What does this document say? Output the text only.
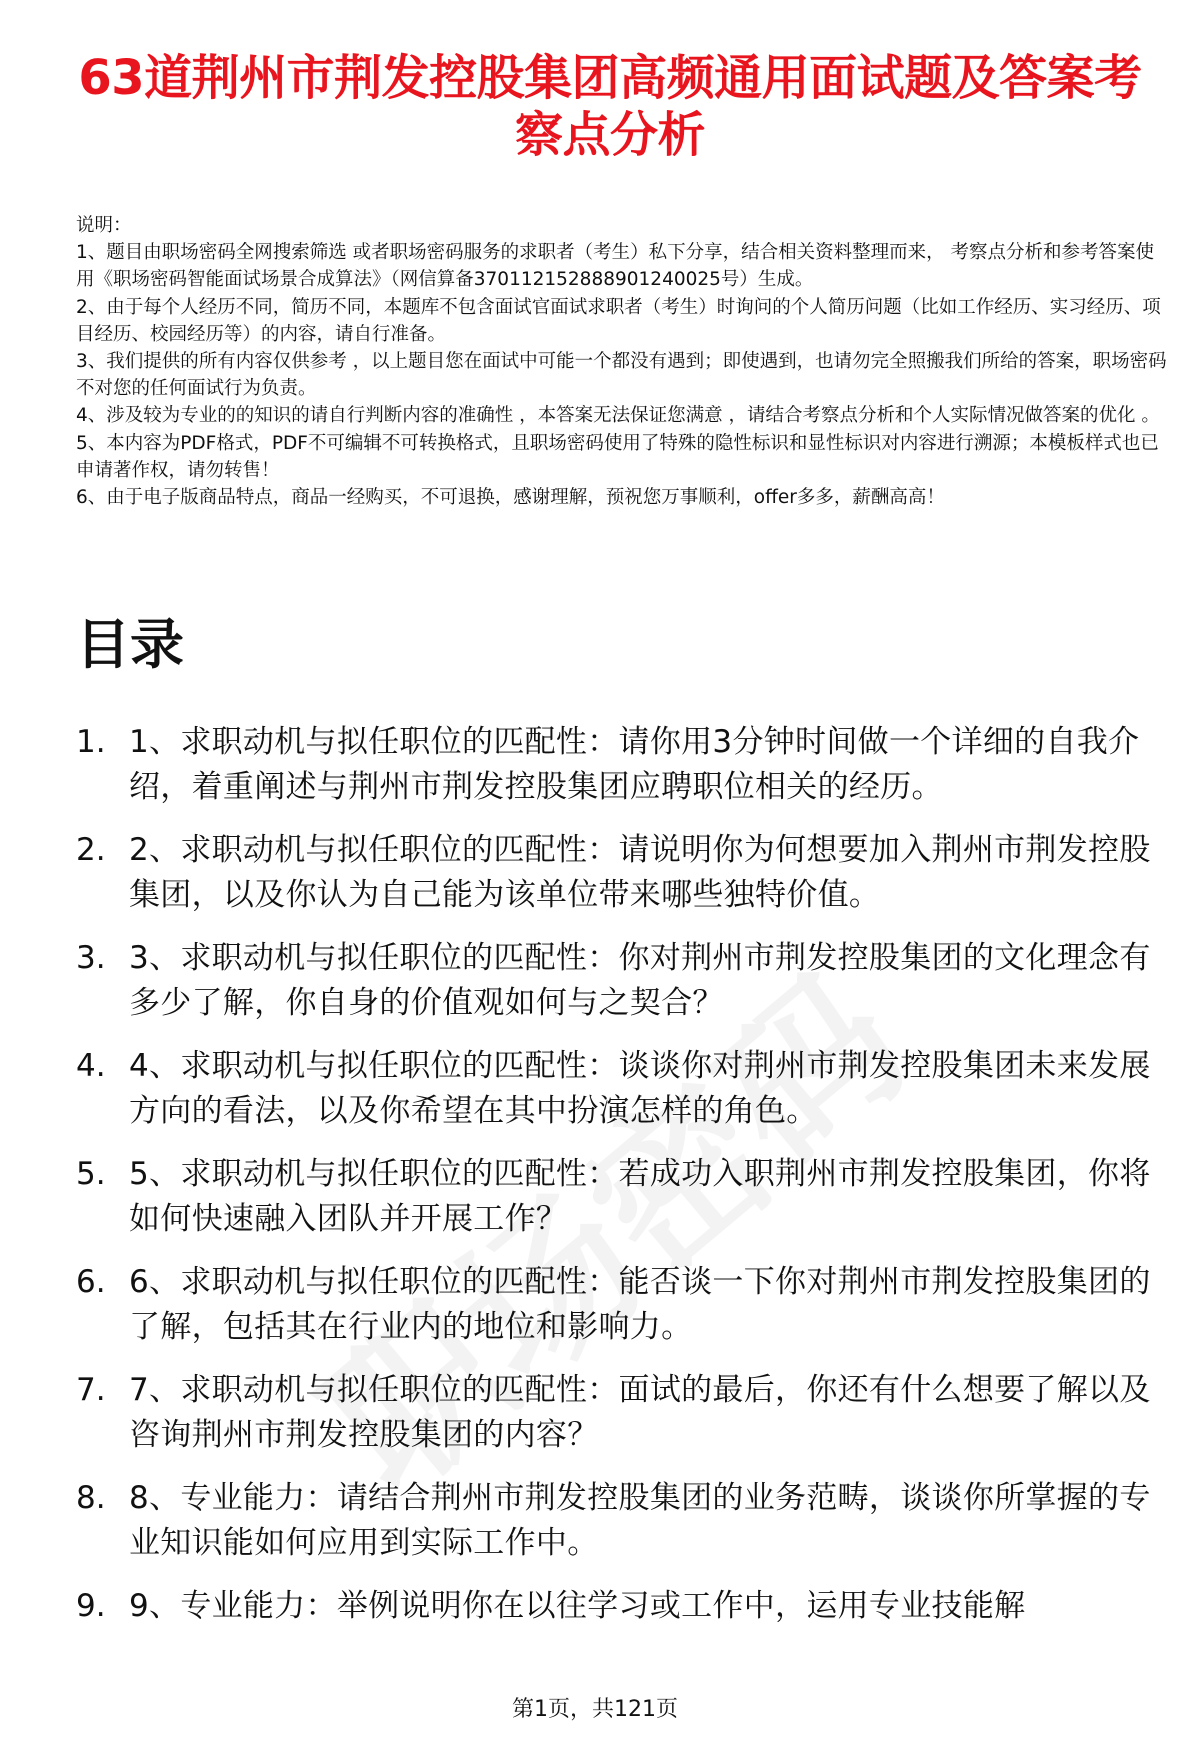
63道荆州市荆发控股集团高频通用面试题及答案考察点分析
说明：
1、题目由职场密码全网搜索筛选 或者职场密码服务的求职者（考生）私下分享，结合相关资料整理而来， 考察点分析和参考答案使用《职场密码智能面试场景合成算法》（网信算备370112152888901240025号）生成。
2、由于每个人经历不同，简历不同，本题库不包含面试官面试求职者（考生）时询问的个人简历问题（比如工作经历、实习经历、项目经历、校园经历等）的内容，请自行准备。
3、我们提供的所有内容仅供参考 ，以上题目您在面试中可能一个都没有遇到；即使遇到，也请勿完全照搬我们所给的答案，职场密码不对您的任何面试行为负责。
4、涉及较为专业的的知识的请自行判断内容的准确性 ，本答案无法保证您满意 ，请结合考察点分析和个人实际情况做答案的优化 。
5、本内容为PDF格式，PDF不可编辑不可转换格式，且职场密码使用了特殊的隐性标识和显性标识对内容进行溯源；本模板样式也已申请著作权，请勿转售！
6、由于电子版商品特点，商品一经购买，不可退换，感谢理解，预祝您万事顺利，offer多多，薪酬高高！
目录
1. 1、求职动机与拟任职位的匹配性：请你用3分钟时间做一个详细的自我介绍，着重阐述与荆州市荆发控股集团应聘职位相关的经历。
2. 2、求职动机与拟任职位的匹配性：请说明你为何想要加入荆州市荆发控股集团，以及你认为自己能为该单位带来哪些独特价值。
3. 3、求职动机与拟任职位的匹配性：你对荆州市荆发控股集团的文化理念有多少了解，你自身的价值观如何与之契合？
4. 4、求职动机与拟任职位的匹配性：谈谈你对荆州市荆发控股集团未来发展方向的看法，以及你希望在其中扮演怎样的角色。
5. 5、求职动机与拟任职位的匹配性：若成功入职荆州市荆发控股集团，你将如何快速融入团队并开展工作？
6. 6、求职动机与拟任职位的匹配性：能否谈一下你对荆州市荆发控股集团的了解，包括其在行业内的地位和影响力。
7. 7、求职动机与拟任职位的匹配性：面试的最后，你还有什么想要了解以及咨询荆州市荆发控股集团的内容？
8. 8、专业能力：请结合荆州市荆发控股集团的业务范畴，谈谈你所掌握的专业知识能如何应用到实际工作中。
9. 9、专业能力：举例说明你在以往学习或工作中，运用专业技能解
第1页，共121页
